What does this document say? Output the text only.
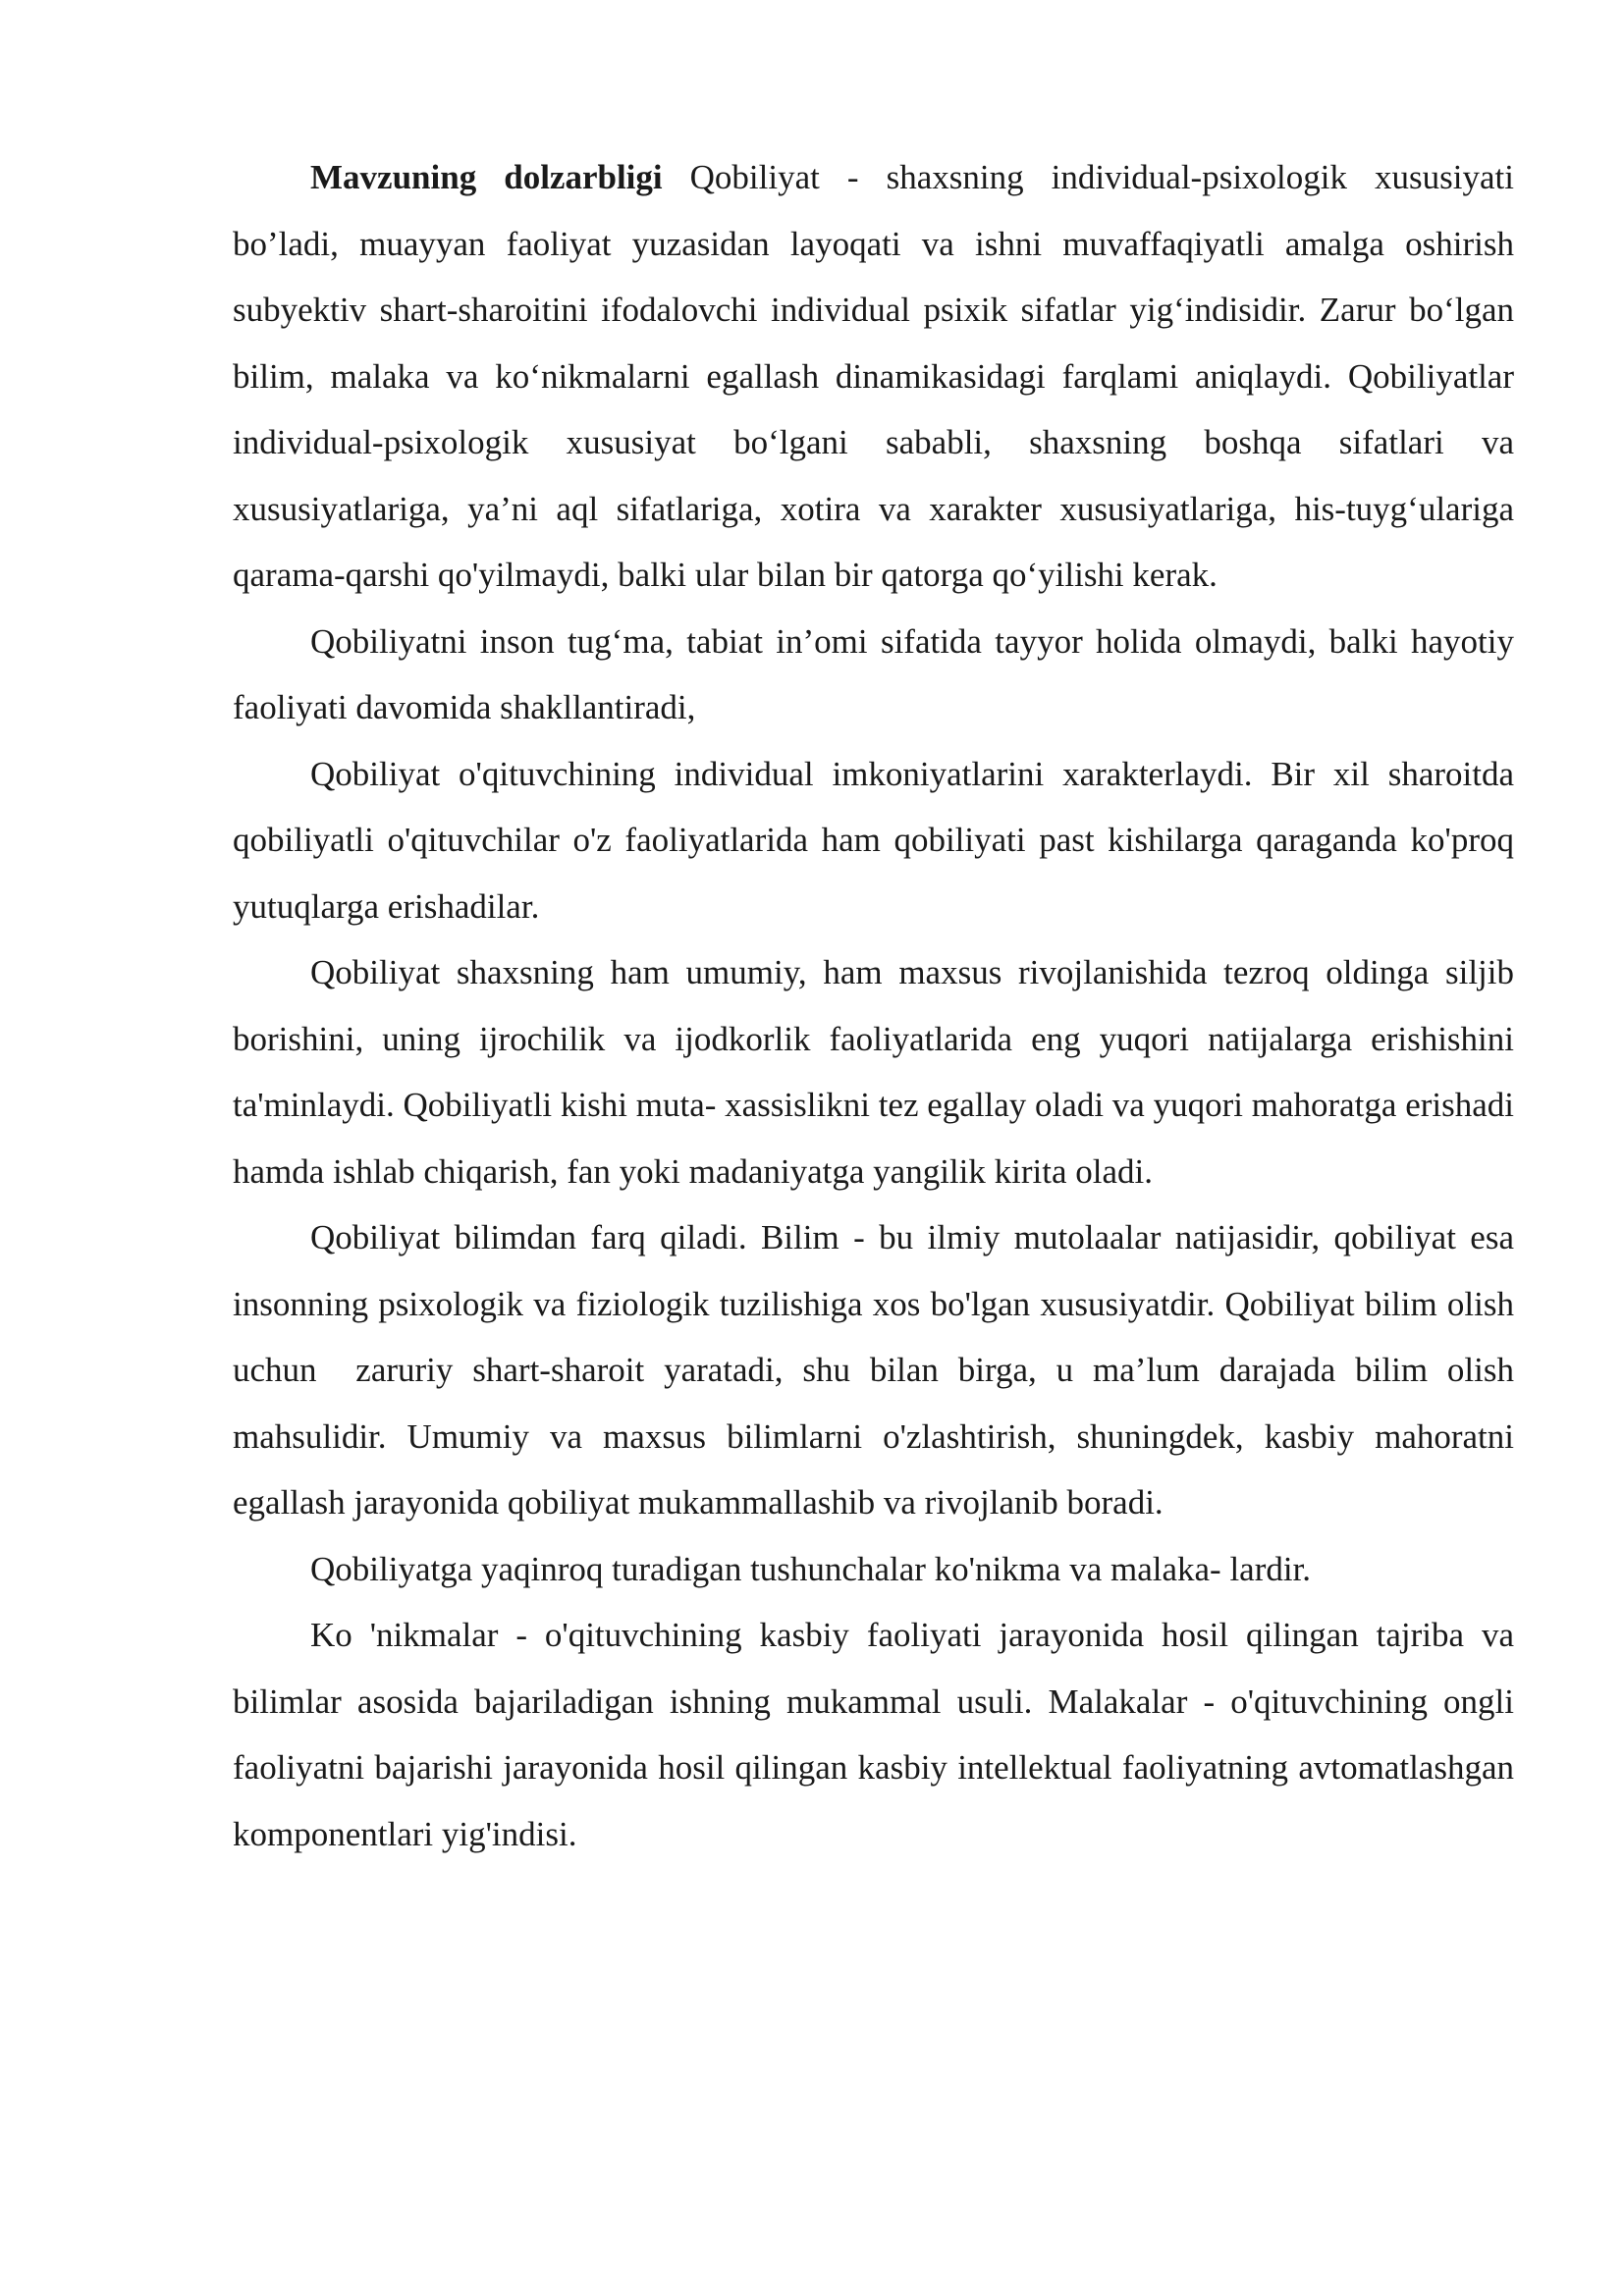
Mavzuning dolzarbligi Qobiliyat - shaxsning individual-psixologik xususiyati bo’ladi, muayyan faoliyat yuzasidan layoqati va ishni muvaffaqiyatli amalga oshirish subyektiv shart-sharoitini ifodalovchi individual psixik sifatlar yig‘indisidir. Zarur bo‘lgan bilim, malaka va ko‘nikmalarni egallash dinamikasidagi farqlami aniqlaydi. Qobiliyatlar individual-psixologik xususiyat bo‘lgani sababli, shaxsning boshqa sifatlari va xususiyatlariga, ya’ni aql sifatlariga, xotira va xarakter xususiyatlariga, his-tuyg‘ulariga qarama-qarshi qo'yilmaydi, balki ular bilan bir qatorga qo‘yilishi kerak.

Qobiliyatni inson tug‘ma, tabiat in’omi sifatida tayyor holida olmaydi, balki hayotiy faoliyati davomida shakllantiradi,

Qobiliyat o'qituvchining individual imkoniyatlarini xarakterlaydi. Bir xil sharoitda qobiliyatli o'qituvchilar o'z faoliyatlarida ham qobiliyati past kishilarga qaraganda ko'proq yutuqlarga erishadilar.

Qobiliyat shaxsning ham umumiy, ham maxsus rivojlanishida tezroq oldinga siljib borishini, uning ijrochilik va ijodkorlik faoliyatlarida eng yuqori natijalarga erishishini ta'minlaydi. Qobiliyatli kishi muta- xassislikni tez egallay oladi va yuqori mahoratga erishadi hamda ishlab chiqarish, fan yoki madaniyatga yangilik kirita oladi.

Qobiliyat bilimdan farq qiladi. Bilim - bu ilmiy mutolaalar natijasidir, qobiliyat esa insonning psixologik va fiziologik tuzilishiga xos bo'lgan xususiyatdir. Qobiliyat bilim olish uchun  zaruriy shart-sharoit yaratadi, shu bilan birga, u ma’lum darajada bilim olish mahsulidir. Umumiy va maxsus bilimlarni o'zlashtirish, shuningdek, kasbiy mahoratni egallash jarayonida qobiliyat mukammallashib va rivojlanib boradi.

Qobiliyatga yaqinroq turadigan tushunchalar ko'nikma va malaka- lardir.

Ko 'nikmalar - o'qituvchining kasbiy faoliyati jarayonida hosil qilingan tajriba va bilimlar asosida bajariladigan ishning mukammal usuli. Malakalar - o'qituvchining ongli faoliyatni bajarishi jarayonida hosil qilingan kasbiy intellektual faoliyatning avtomatlashgan komponentlari yig'indisi.
